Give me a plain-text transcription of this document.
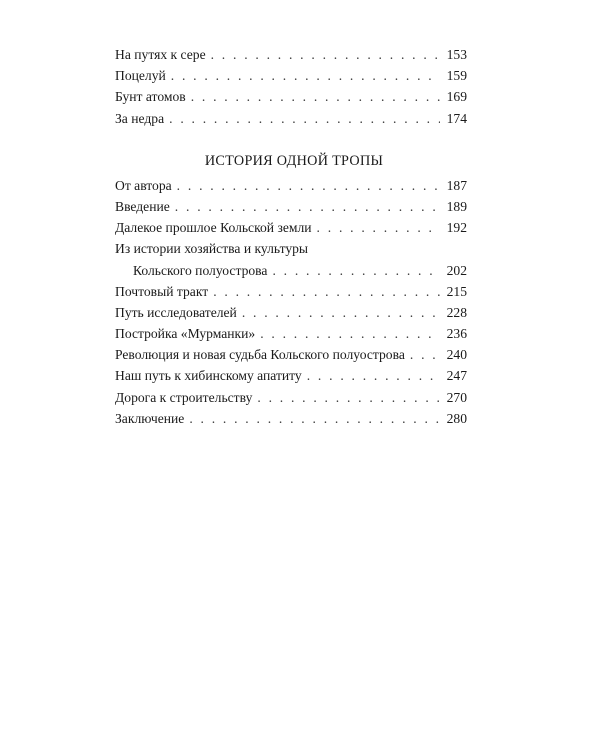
На путях к сере . . .	153
Поцелуй . . .	159
Бунт атомов . . .	169
За недра . . .	174
ИСТОРИЯ ОДНОЙ ТРОПЫ
От автора . . .	187
Введение . . .	189
Далекое прошлое Кольской земли . . .	192
Из истории хозяйства и культуры
Кольского полуострова . . .	202
Почтовый тракт . . .	215
Путь исследователей . . .	228
Постройка «Мурманки» . . .	236
Революция и новая судьба Кольского полуострова . . .	240
Наш путь к хибинскому апатиту . . .	247
Дорога к строительству . . .	270
Заключение . . .	280
